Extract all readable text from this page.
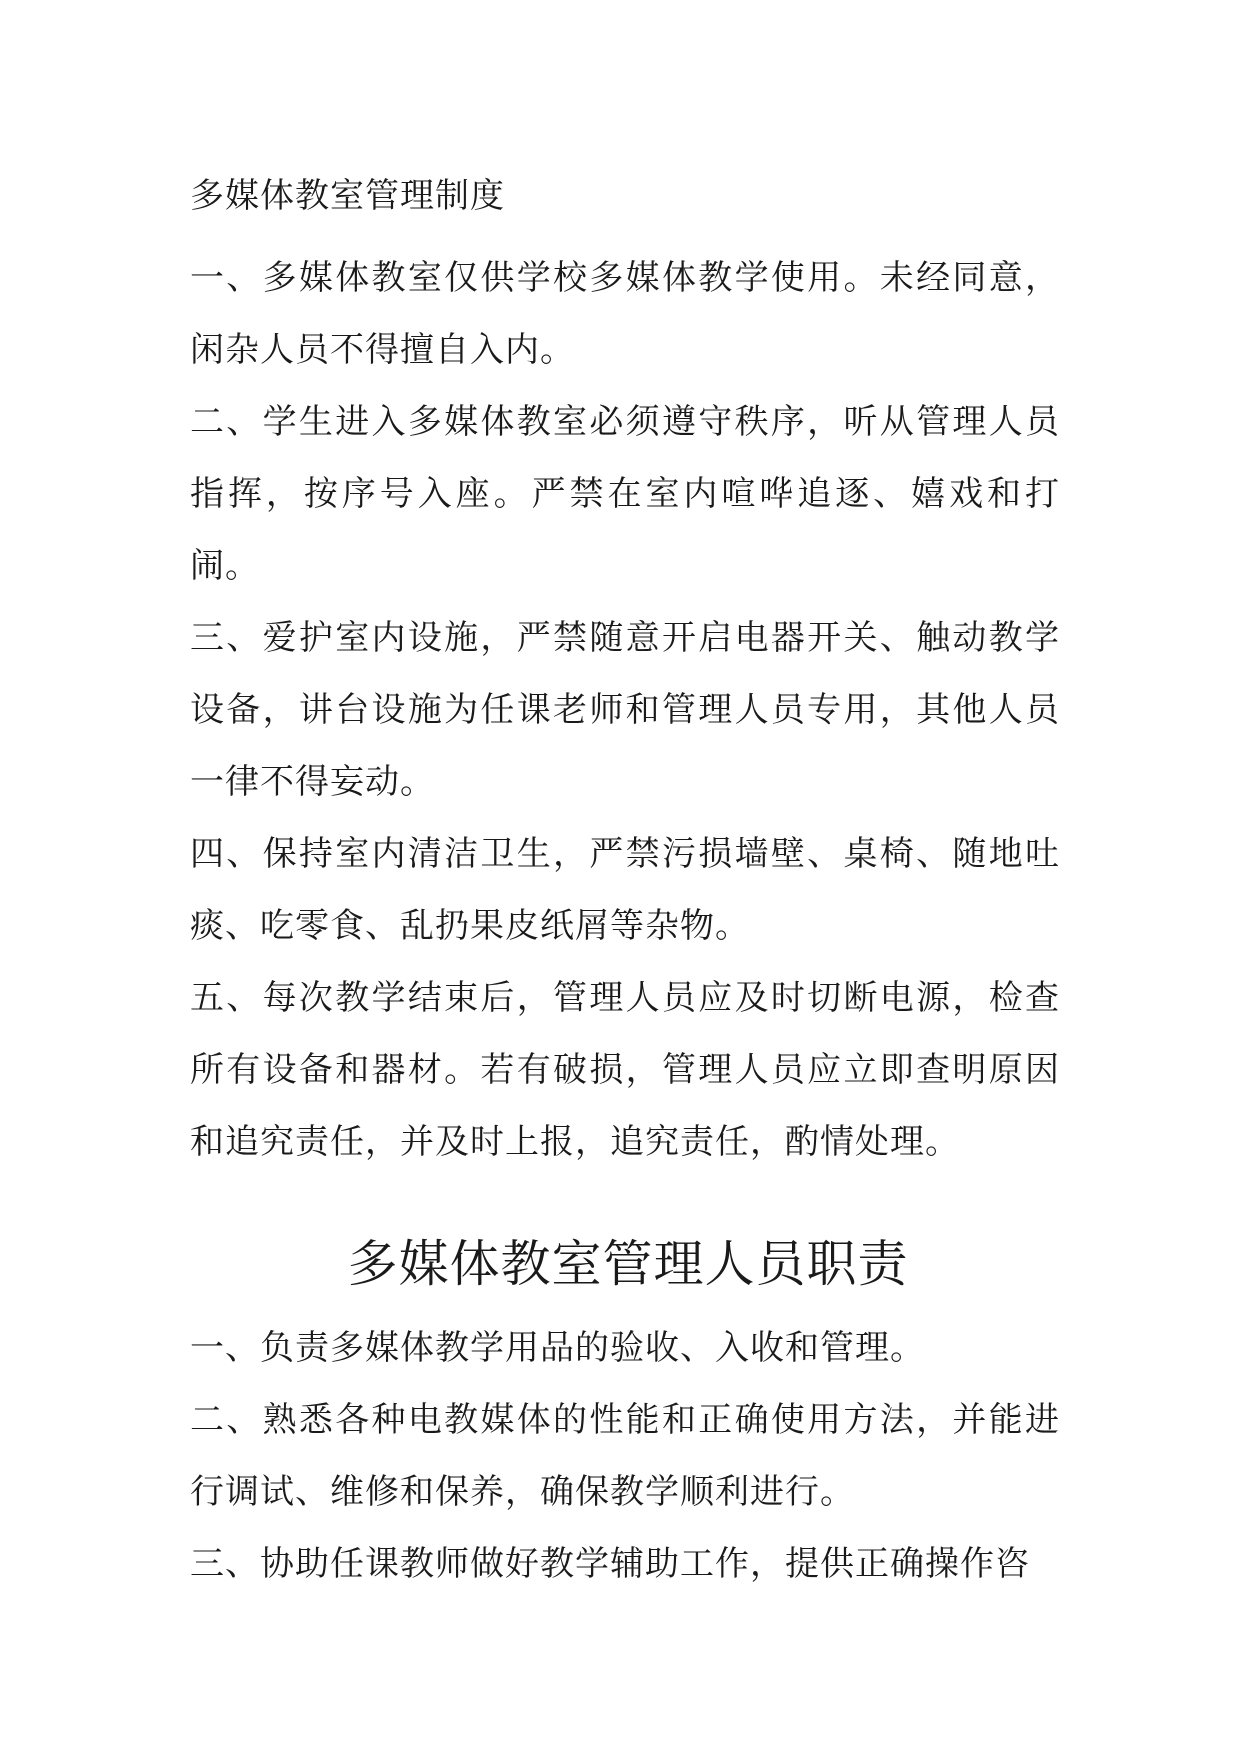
多媒体教室管理制度

一、多媒体教室仅供学校多媒体教学使用。未经同意，闲杂人员不得擅自入内。

二、学生进入多媒体教室必须遵守秩序，听从管理人员指挥，按序号入座。严禁在室内喧哗追逐、嬉戏和打闹。

三、爱护室内设施，严禁随意开启电器开关、触动教学设备，讲台设施为任课老师和管理人员专用，其他人员一律不得妄动。

四、保持室内清洁卫生，严禁污损墙壁、桌椅、随地吐痰、吃零食、乱扔果皮纸屑等杂物。

五、每次教学结束后，管理人员应及时切断电源，检查所有设备和器材。若有破损，管理人员应立即查明原因和追究责任，并及时上报，追究责任，酌情处理。

多媒体教室管理人员职责

一、负责多媒体教学用品的验收、入收和管理。

二、熟悉各种电教媒体的性能和正确使用方法，并能进行调试、维修和保养，确保教学顺利进行。

三、协助任课教师做好教学辅助工作，提供正确操作咨
